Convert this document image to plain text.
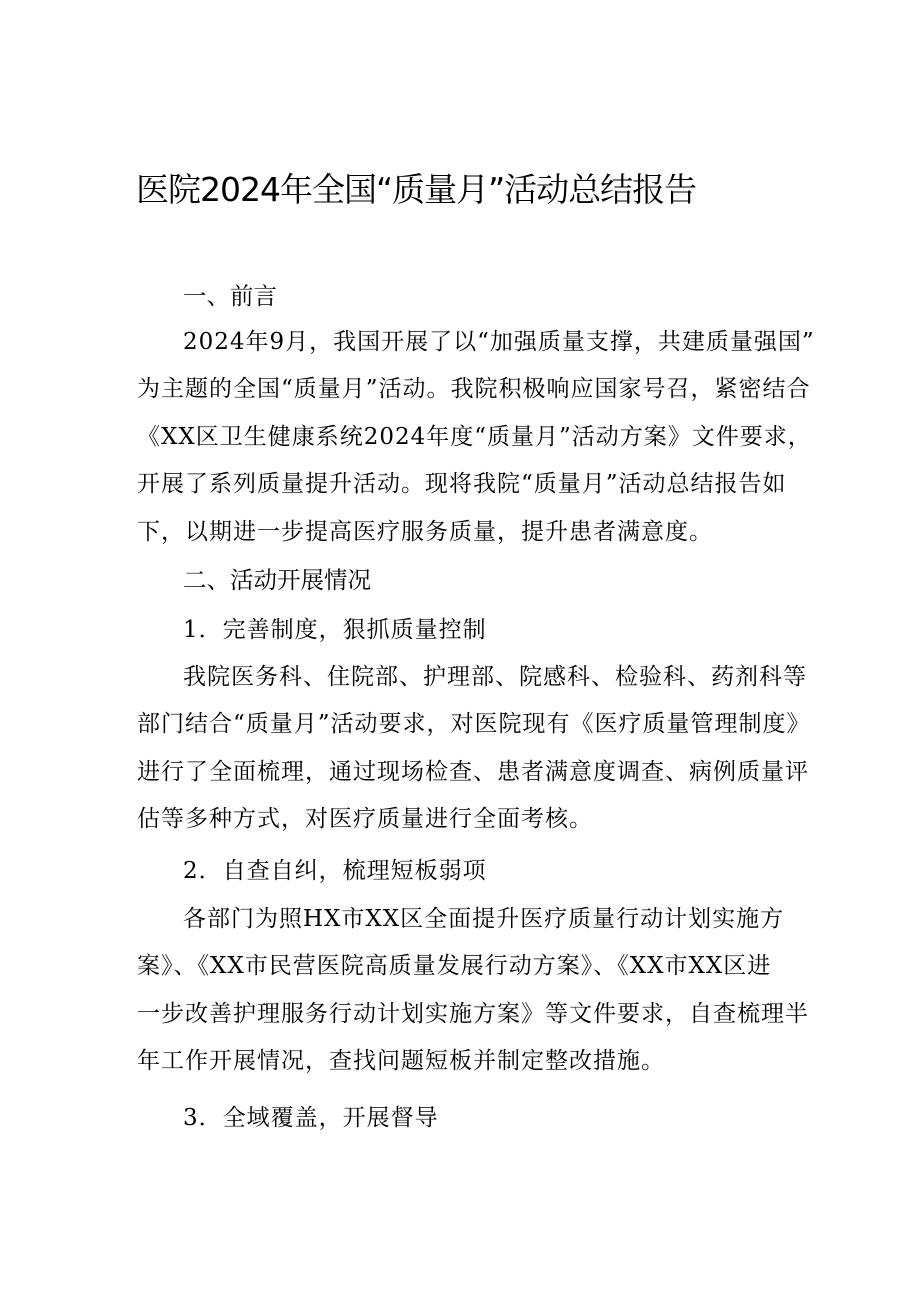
医院2024年全国“质量月”活动总结报告
一、前言
2024年9月，我国开展了以“加强质量支撑，共建质量强国”
为主题的全国“质量月”活动。我院积极响应国家号召，紧密结合
《XX区卫生健康系统2024年度“质量月”活动方案》文件要求，
开展了系列质量提升活动。现将我院“质量月”活动总结报告如
下，以期进一步提高医疗服务质量，提升患者满意度。
二、活动开展情况
1．完善制度，狠抓质量控制
我院医务科、住院部、护理部、院感科、检验科、药剂科等
部门结合“质量月”活动要求，对医院现有《医疗质量管理制度》
进行了全面梳理，通过现场检查、患者满意度调查、病例质量评
估等多种方式，对医疗质量进行全面考核。
2．自查自纠，梳理短板弱项
各部门为照HX市XX区全面提升医疗质量行动计划实施方
案》、《XX市民营医院高质量发展行动方案》、《XX市XX区进
一步改善护理服务行动计划实施方案》等文件要求，自查梳理半
年工作开展情况，查找问题短板并制定整改措施。
3．全域覆盖，开展督导
